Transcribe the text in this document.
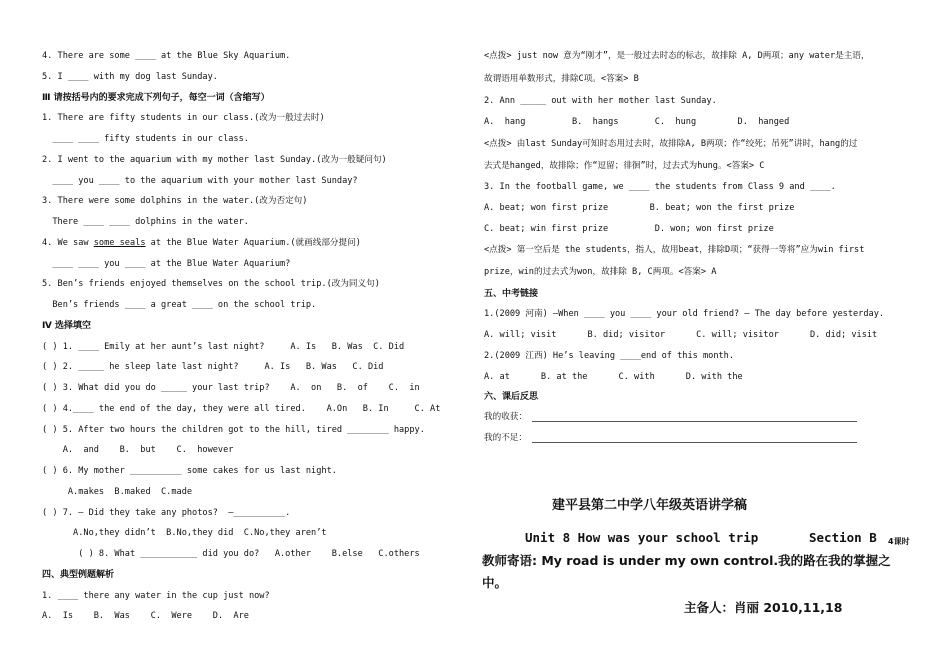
4. There are some ____ at the Blue Sky Aquarium.
5. I ____ with my dog last Sunday.
Ⅲ 请按括号内的要求完成下列句子，每空一词（含缩写）
1. There are fifty students in our class.(改为一般过去时)
____ ____ fifty students in our class.
2. I went to the aquarium with my mother last Sunday.(改为一般疑问句)
____ you ____ to the aquarium with your mother last Sunday?
3. There were some dolphins in the water.(改为否定句)
There ____ ____ dolphins in the water.
4. We saw some seals at the Blue Water Aquarium.(就画线部分提问)
____ ____ you ____ at the Blue Water Aquarium?
5. Ben’s friends enjoyed themselves on the school trip.(改为同义句)
Ben’s friends ____ a great ____ on the school trip.
Ⅳ 选择填空
( ) 1. ____ Emily at her aunt’s last night?     A. Is   B. Was  C. Did
( ) 2. _____ he sleep late last night?     A. Is   B. Was   C. Did
( ) 3. What did you do _____ your last trip?    A.  on   B.  of    C.  in
( ) 4.____ the end of the day, they were all tired.    A.On   B. In     C. At
( ) 5. After two hours the children got to the hill, tired ________ happy.
A.  and    B.  but    C.  however
( ) 6. My mother __________ some cakes for us last night.
A.makes  B.maked  C.made
( ) 7. — Did they take any photos?  —__________.
A.No,they didn’t  B.No,they did  C.No,they aren’t
( ) 8. What ___________ did you do?   A.other    B.else   C.others
四、典型例题解析
1. ____ there any water in the cup just now?
A.  Is    B.  Was    C.  Were    D.  Are
<点拨> just now 意为“刚才”，是一般过去时态的标志，故排除 A, D两项；any water是主语，
故谓语用单数形式，排除C项。<答案> B
2. Ann _____ out with her mother last Sunday.
A.  hang         B.  hangs       C.  hung        D.  hanged
<点拨> 由last Sunday可知时态用过去时，故排除A, B两项；作“绞死；吊死”讲时，hang的过
去式是hanged，故排除；作“逗留；徘徊”时，过去式为hung。<答案> C
3. In the football game, we ____ the students from Class 9 and ____.
A. beat; won first prize        B. beat; won the first prize
C. beat; win first prize         D. won; won first prize
<点拨> 第一空后是 the students，指人，故用beat，排除D项；“获得一等将”应为win first
prize，win的过去式为won，故排除 B, C两项。<答案> A
五、中考链接
1.(2009 河南) —When ____ you ____ your old friend? — The day before yesterday.
A. will; visit      B. did; visitor      C. will; visitor      D. did; visit
2.(2009 江西) He’s leaving ____end of this month.
A. at      B. at the      C. with      D. with the
六、课后反思
我的收获：
我的不足：
建平县第二中学八年级英语讲学稿
Unit 8 How was your school trip	Section B 4课时
教师寄语: My road is under my own control.我的路在我的掌握之
中。
主备人：肖丽 2010,11,18
